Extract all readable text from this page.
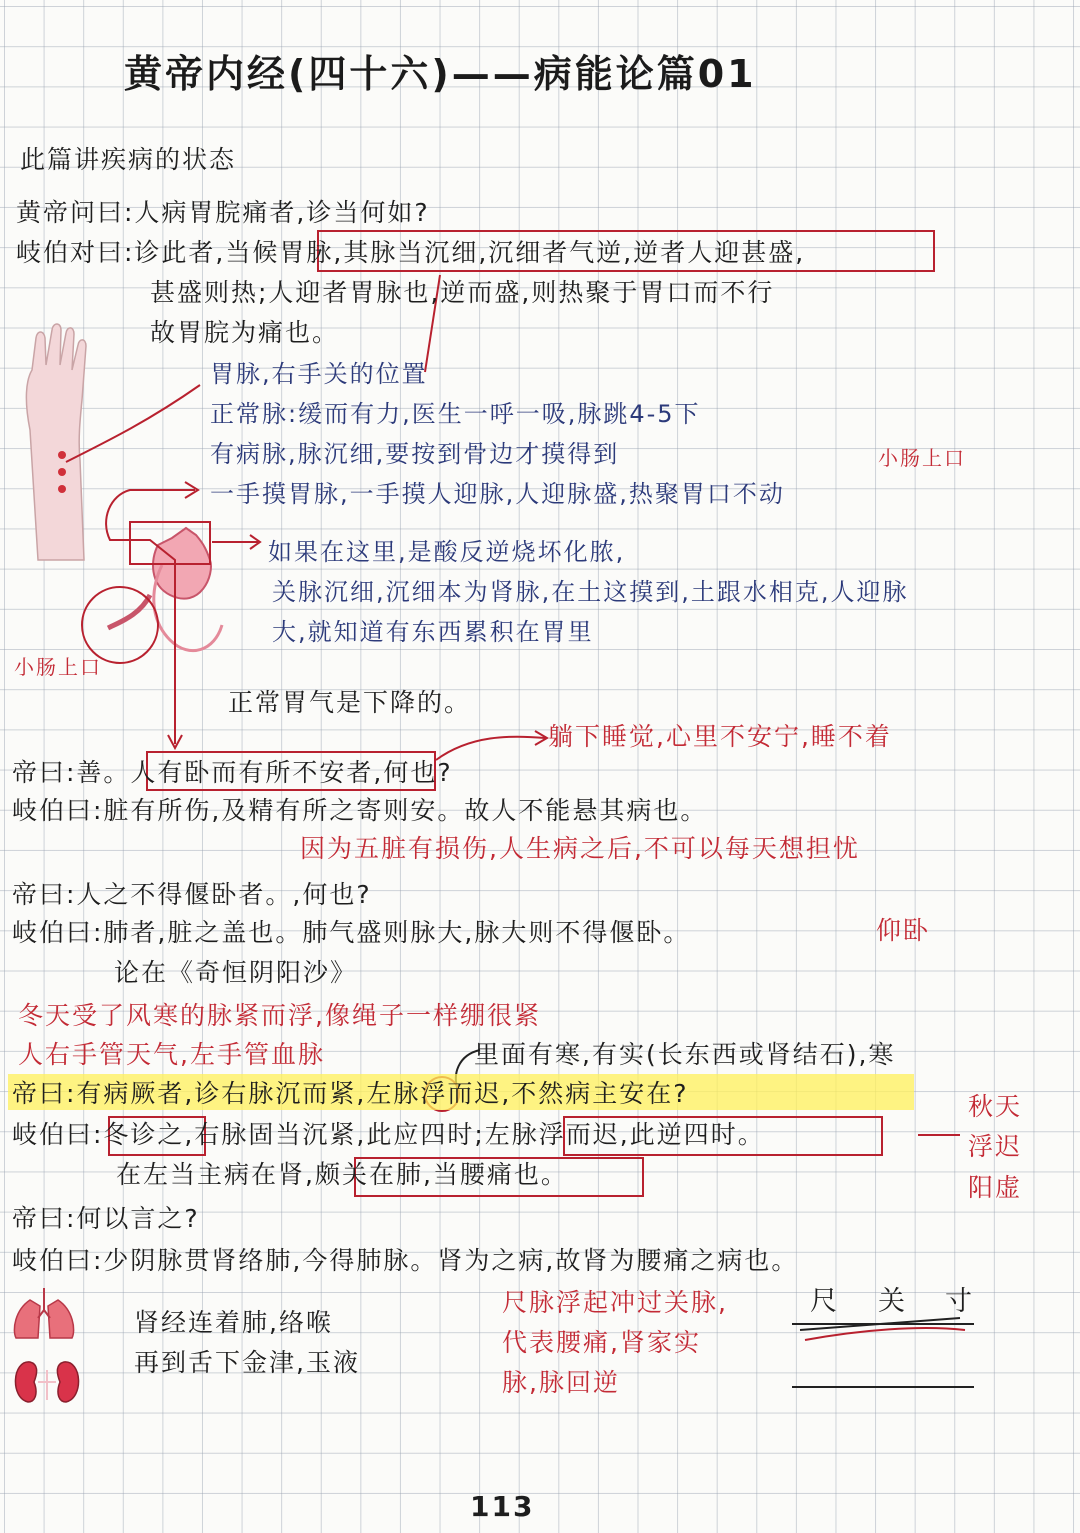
黄帝内经(四十六)——病能论篇01
此篇讲疾病的状态
黄帝问曰:人病胃脘痛者,诊当何如?
岐伯对曰:诊此者,当候胃脉,其脉当沉细,沉细者气逆,逆者人迎甚盛,
甚盛则热;人迎者胃脉也,逆而盛,则热聚于胃口而不行
故胃脘为痛也。
胃脉,右手关的位置
正常脉:缓而有力,医生一呼一吸,脉跳4-5下
有病脉,脉沉细,要按到骨边才摸得到	小肠上口
一手摸胃脉,一手摸人迎脉,人迎脉盛,热聚胃口不动
如果在这里,是酸反逆烧坏化脓,
关脉沉细,沉细本为肾脉,在土这摸到,土跟水相克,人迎脉
大,就知道有东西累积在胃里
小肠上口
正常胃气是下降的。
躺下睡觉,心里不安宁,睡不着
帝曰:善。人有卧而有所不安者,何也?
岐伯曰:脏有所伤,及精有所之寄则安。故人不能悬其病也。
因为五脏有损伤,人生病之后,不可以每天想担忧
帝曰:人之不得偃卧者。,何也?
岐伯曰:肺者,脏之盖也。肺气盛则脉大,脉大则不得偃卧。	仰卧
论在《奇恒阴阳沙》
冬天受了风寒的脉紧而浮,像绳子一样绷很紧
人右手管天气,左手管血脉	里面有寒,有实(长东西或肾结石),寒
帝曰:有病厥者,诊右脉沉而紧,左脉浮而迟,不然病主安在?
岐伯曰:冬诊之,右脉固当沉紧,此应四时;左脉浮而迟,此逆四时。
在左当主病在肾,颇关在肺,当腰痛也。
秋天
浮迟
阳虚
帝曰:何以言之?
岐伯曰:少阴脉贯肾络肺,今得肺脉。肾为之病,故肾为腰痛之病也。
肾经连着肺,络喉
再到舌下金津,玉液
尺脉浮起冲过关脉,
代表腰痛,肾家实
脉,脉回逆
尺 关 寸
113
